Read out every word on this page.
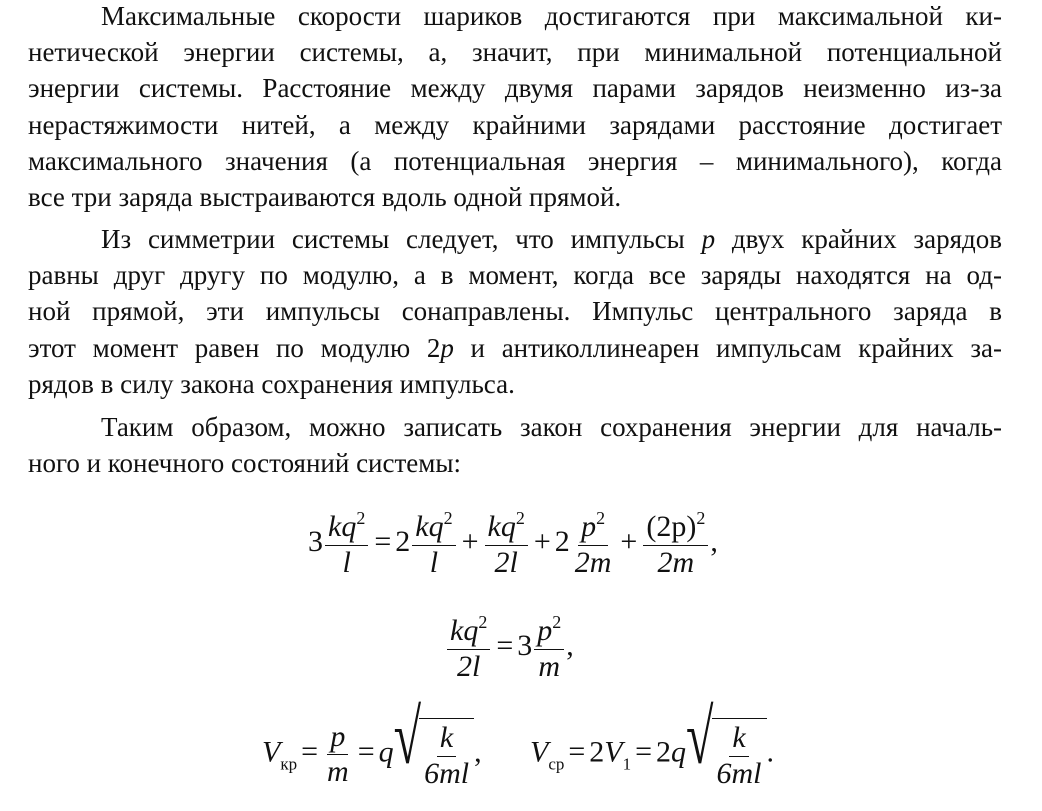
Максимальные скорости шариков достигаются при максимальной ки-
нетической энергии системы, а, значит, при минимальной потенциальной
энергии системы. Расстояние между двумя парами зарядов неизменно из-за
нерастяжимости нитей, а между крайними зарядами расстояние достигает
максимального значения (а потенциальная энергия – минимального), когда
все три заряда выстраиваются вдоль одной прямой.
Из симметрии системы следует, что импульсы p двух крайних зарядов
равны друг другу по модулю, а в момент, когда все заряды находятся на од-
ной прямой, эти импульсы сонаправлены. Импульс центрального заряда в
этот момент равен по модулю 2p и антиколлинеарен импульсам крайних за-
рядов в силу закона сохранения импульса.
Таким образом, можно записать закон сохранения энергии для началь-
ного и конечного состояний системы:
$3 \frac{kq^2}{l} = 2 \frac{kq^2}{l} + \frac{kq^2}{2l} + 2 \frac{p^2}{2m} + \frac{(2p)^2}{2m}$ ,
$\frac{kq^2}{2l} = 3 \frac{p^2}{m}$ ,
$V_{кр} = \frac{p}{m} = q$ √ $\frac{k}{6ml}$ , $V_{ср} = 2V_1 = 2q$ √ $\frac{k}{6ml}$ .
